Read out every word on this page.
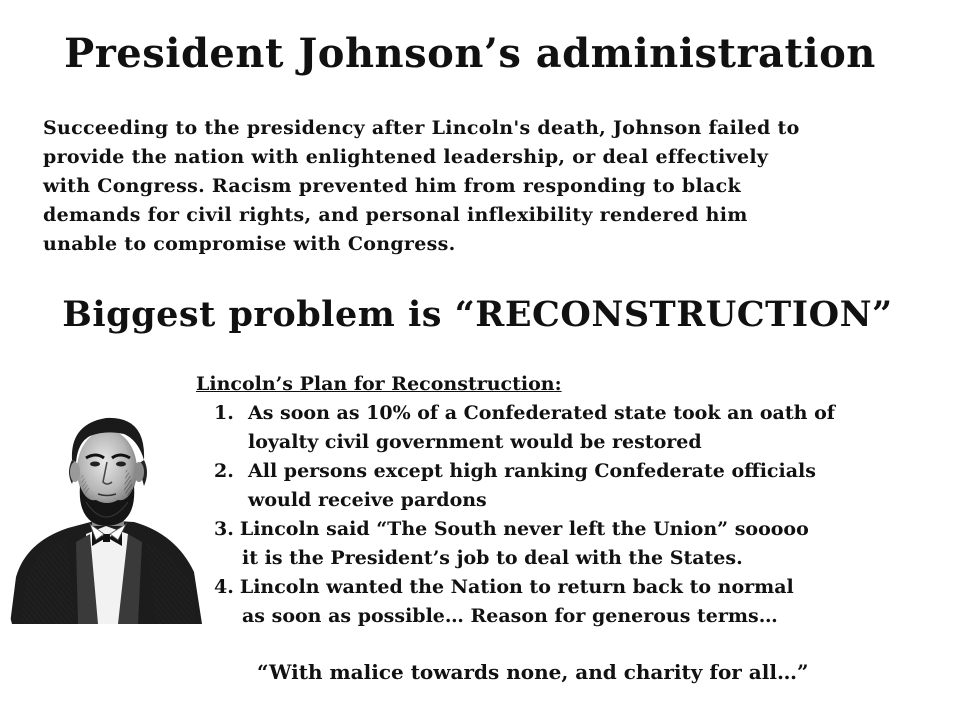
President Johnson’s administration
Succeeding to the presidency after Lincoln's death, Johnson failed to
provide the nation with enlightened leadership, or deal effectively
with Congress. Racism prevented him from responding to black
demands for civil rights, and personal inflexibility rendered him
unable to compromise with Congress.
Biggest problem is “RECONSTRUCTION”
Lincoln’s Plan for Reconstruction:
1. As soon as 10% of a Confederated state took an oath of
loyalty civil government would be restored
2. All persons except high ranking Confederate officials
would receive pardons
3. Lincoln said “The South never left the Union” sooooo
it is the President’s job to deal with the States.
4. Lincoln wanted the Nation to return back to normal
as soon as possible… Reason for generous terms…
“With malice towards none, and charity for all…”
